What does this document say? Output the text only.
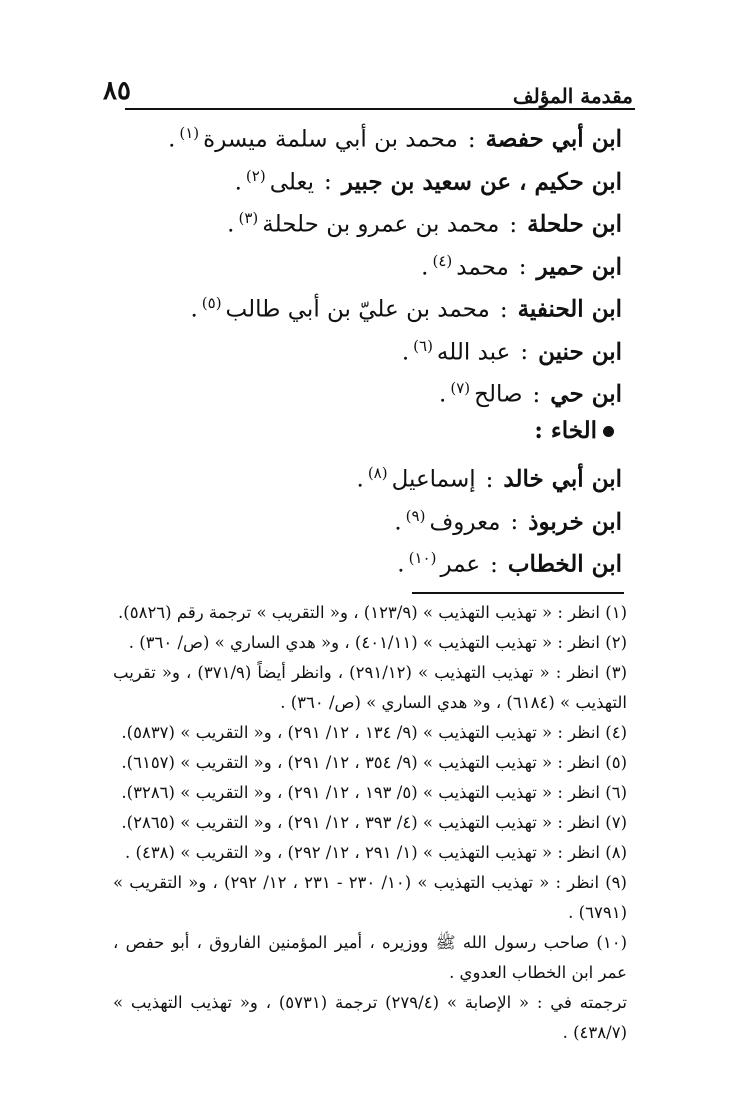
٨٥	مقدمة المؤلف
ابن أبي حفصة:محمد بن أبي سلمة ميسرة$^{(١)}$.
ابن حكيم ، عن سعيد بن جبير:يعلى$^{(٢)}$.
ابن حلحلة:محمد بن عمرو بن حلحلة$^{(٣)}$.
ابن حمير:محمد$^{(٤)}$.
ابن الحنفية:محمد بن عليّ بن أبي طالب$^{(٥)}$.
ابن حنين:عبد الله$^{(٦)}$.
ابن حي:صالح$^{(٧)}$.
الخاء :
ابن أبي خالد:إسماعيل$^{(٨)}$.
ابن خربوذ:معروف$^{(٩)}$.
ابن الخطاب:عمر$^{(١٠)}$.
(١) انظر : « تهذيب التهذيب » (١٢٣/٩) ، و« التقريب » ترجمة رقم (٥٨٢٦).
(٢) انظر : « تهذيب التهذيب » (٤٠١/١١) ، و« هدي الساري » (ص/ ٣٦٠) .
(٣) انظر : « تهذيب التهذيب » (٢٩١/١٢) ، وانظر أيضاً (٣٧١/٩) ، و« تقريب التهذيب » (٦١٨٤) ، و« هدي الساري » (ص/ ٣٦٠) .
(٤) انظر : « تهذيب التهذيب » (٩/ ١٣٤ ، ١٢/ ٢٩١) ، و« التقريب » (٥٨٣٧).
(٥) انظر : « تهذيب التهذيب » (٩/ ٣٥٤ ، ١٢/ ٢٩١) ، و« التقريب » (٦١٥٧).
(٦) انظر : « تهذيب التهذيب » (٥/ ١٩٣ ، ١٢/ ٢٩١) ، و« التقريب » (٣٢٨٦).
(٧) انظر : « تهذيب التهذيب » (٤/ ٣٩٣ ، ١٢/ ٢٩١) ، و« التقريب » (٢٨٦٥).
(٨) انظر : « تهذيب التهذيب » (١/ ٢٩١ ، ١٢/ ٢٩٢) ، و« التقريب » (٤٣٨) .
(٩) انظر : « تهذيب التهذيب » (١٠/ ٢٣٠ - ٢٣١ ، ١٢/ ٢٩٢) ، و« التقريب » (٦٧٩١) .
(١٠) صاحب رسول الله ﷺ ووزيره ، أمير المؤمنين الفاروق ، أبو حفص ، عمر ابن الخطاب العدوي .
ترجمته في : « الإصابة » (٢٧٩/٤) ترجمة (٥٧٣١) ، و« تهذيب التهذيب » (٤٣٨/٧) .
